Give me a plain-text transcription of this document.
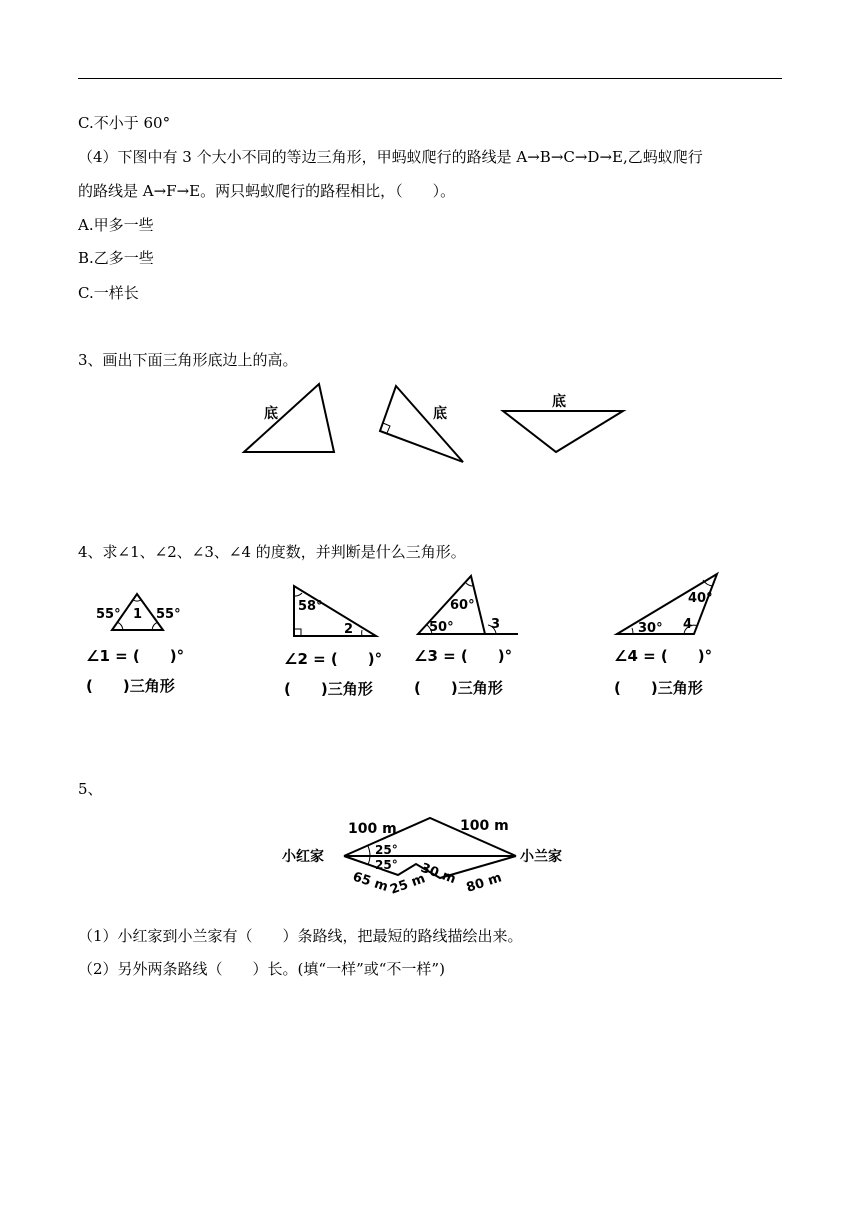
C.不小于 60°
（4）下图中有 3 个大小不同的等边三角形，甲蚂蚁爬行的路线是 A→B→C→D→E,乙蚂蚁爬行
的路线是 A→F→E。两只蚂蚁爬行的路程相比，（　　）。
A.甲多一些
B.乙多一些
C.一样长
3、画出下面三角形底边上的高。
底	底
底
4、求∠1、∠2、∠3、∠4 的度数，并判断是什么三角形。
55°	55°
1
58°
2
60°
50°	3
40°
30° 4
∠1 = (　　)°
(　　)三角形
∠2 = (　　)°
(　　)三角形
∠3 = (　　)°
(　　)三角形
∠4 = (　　)°
(　　)三角形
5、
小红家	小兰家
100 m	100 m
25°
25° 30 m
65 m
25 m	80 m
（1）小红家到小兰家有（　　）条路线，把最短的路线描绘出来。
（2）另外两条路线（　　）长。(填“一样”或“不一样”)
